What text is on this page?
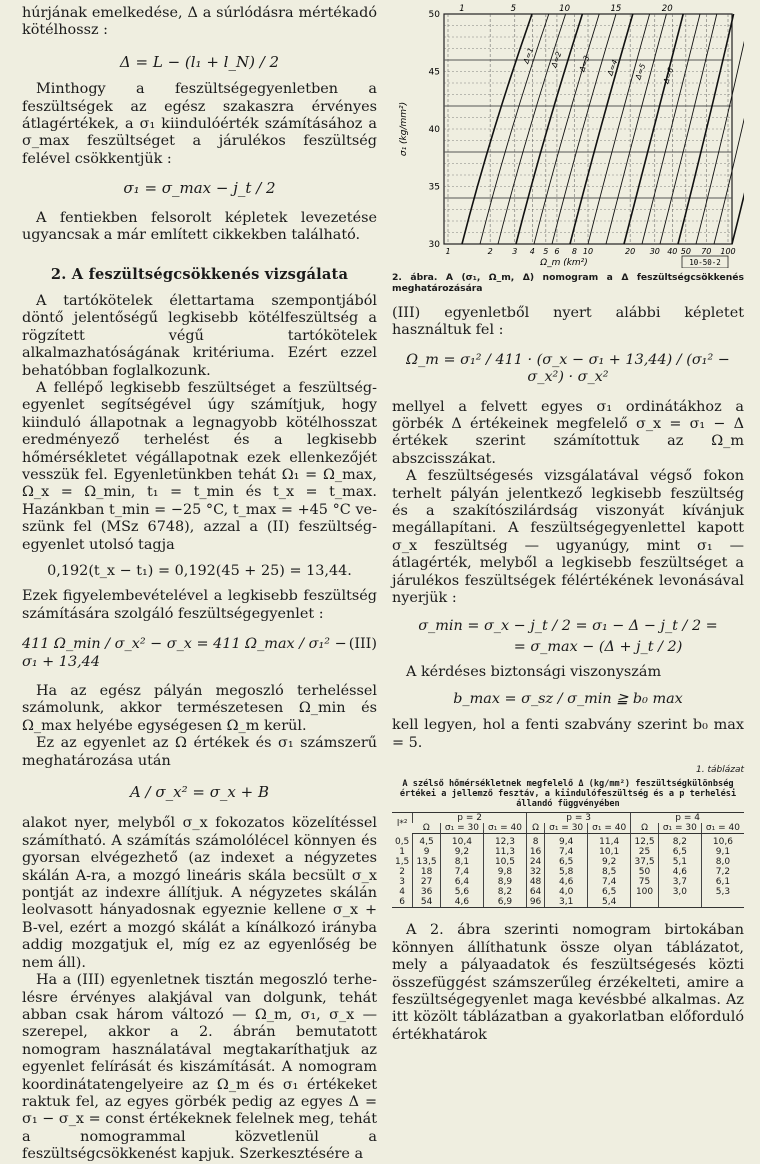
húrjának emelkedése, Δ a súrlódásra mértékadó kötélhossz :

Δ = L − (l₁ + l_N) / 2

Minthogy a feszültségegyenletben a feszültségek az egész szakaszra érvényes átlagértékek, a σ₁ kiindulóérték számításához a σ_max feszültséget a járulékos feszültség felével csökkentjük :

σ₁ = σ_max − j_t / 2

A fentiekben felsorolt képletek levezetése ugyancsak a már említett cikkekben található.

2. A feszültségcsökkenés vizsgálata

A tartókötelek élettartama szempontjából döntő jelentőségű legkisebb kötélfeszültség a rögzített végű tartókötelek alkalmazhatóságának kritériuma. Ezért ezzel behatóbban foglalkozunk.

A fellépő legkisebb feszültséget a feszültségegyenlet segítségével úgy számítjuk, hogy kiinduló állapotnak a legnagyobb kötélhosszat eredményező terhelést és a legkisebb hőmérsékletet végállapotnak ezek ellenkezőjét vesszük fel. Egyenletünkben tehát Ω₁ = Ω_max, Ω_x = Ω_min, t₁ = t_min és t_x = t_max. Hazánkban t_min = −25 °C, t_max = +45 °C veszünk fel (MSz 6748), azzal a (II) feszültség-egyenlet utolsó tagja

0,192(t_x − t₁) = 0,192(45 + 25) = 13,44.

Ezek figyelembevételével a legkisebb feszültség számítására szolgáló feszültségegyenlet :

411 Ω_min / σ_x² − σ_x = 411 Ω_max / σ₁² − σ₁ + 13,44
(III)

Ha az egész pályán megoszló terheléssel számolunk, akkor természetesen Ω_min és Ω_max helyébe egységesen Ω_m kerül.

Ez az egyenlet az Ω értékek és σ₁ számszerű meghatározása után

A / σ_x² = σ_x + B

alakot nyer, melyből σ_x fokozatos közelítéssel számítható. A számítás számolólécel könnyen és gyorsan elvégezhető (az indexet a négyzetes skálán A-ra, a mozgó lineáris skála becsült σ_x pontját az indexre állítjuk. A négyzetes skálán leolvasott hányadosnak egyeznie kellene σ_x + B-vel, ezért a mozgó skálát a kínálkozó irányba addig mozgatjuk el, míg ez az egyenlőség be nem áll).

Ha a (III) egyenletnek tisztán megoszló terhelésre érvényes alakjával van dolgunk, tehát abban csak három változó — Ω_m, σ₁, σ_x — szerepel, akkor a 2. ábrán bemutatott nomogram használatával megtakaríthatjuk az egyenlet felírását és kiszámítását. A nomogram koordinátatengelyeire az Ω_m és σ₁ értékeket raktuk fel, az egyes görbék pedig az egyes Δ = σ₁ − σ_x = const értékeknek felelnek meg, tehát a nomogrammal közvetlenül a feszültségcsökkenést kapjuk. Szerkesztésére a

1	2 3 4 5 6 8 10	20 30 40 50 70 100
30
35
40
45
50
1	5	10	15	20
Δ=1 Δ=2 Δ=3 Δ=4 Δ=5 Δ=6
σ₁ (kg/mm²)
Ω_m (km²)	10-50-2

2. ábra. A (σ₁, Ω_m, Δ) nomogram a Δ feszültségcsökkenés meghatározására

(III) egyenletből nyert alábbi képletet használtuk fel :

Ω_m = σ₁² / 411 · (σ_x − σ₁ + 13,44) / (σ₁² − σ_x²) · σ_x²

mellyel a felvett egyes σ₁ ordinátákhoz a görbék Δ értékeinek megfelelő σ_x = σ₁ − Δ értékek szerint számítottuk az Ω_m abszcisszákat.

A feszültségesés vizsgálatával végső fokon terhelt pályán jelentkező legkisebb feszültség és a szakítószilárdság viszonyát kívánjuk megállapítani. A feszültségegyenlettel kapott σ_x feszültség — ugyanúgy, mint σ₁ — átlagérték, melyből a legkisebb feszültséget a járulékos feszültségek félértékének levonásával nyerjük :

σ_min = σ_x − j_t / 2 = σ₁ − Δ − j_t / 2 =

= σ_max − (Δ + j_t / 2)

A kérdéses biztonsági viszonyszám

b_max = σ_sz / σ_min ≧ b₀ max

kell legyen, hol a fenti szabvány szerint b₀ max = 5.

1. táblázat
A szélső hőmérsékletnek megfelelő Δ (kg/mm²) feszültségkülönbség értékei a jellemző fesztáv, a kiindulófeszültség és a p terhelési állandó függvényében
l*²	p = 2			p = 3			p = 4		
	Ω	σ₁ = 30	σ₁ = 40	Ω	σ₁ = 30	σ₁ = 40	Ω	σ₁ = 30	σ₁ = 40
0,5	4,5	10,4	12,3	8	9,4	11,4	12,5	8,2	10,6
1	9	9,2	11,3	16	7,4	10,1	25	6,5	9,1
1,5	13,5	8,1	10,5	24	6,5	9,2	37,5	5,1	8,0
2	18	7,4	9,8	32	5,8	8,5	50	4,6	7,2
3	27	6,4	8,9	48	4,6	7,4	75	3,7	6,1
4	36	5,6	8,2	64	4,0	6,5	100	3,0	5,3
6	54	4,6	6,9	96	3,1	5,4			

A 2. ábra szerinti nomogram birtokában könnyen állíthatunk össze olyan táblázatot, mely a pályaadatok és feszültségesés közti összefüggést számszerűleg érzékelteti, amire a feszültségegyenlet maga kevésbbé alkalmas. Az itt közölt táblázatban a gyakorlatban előforduló értékhatárok
